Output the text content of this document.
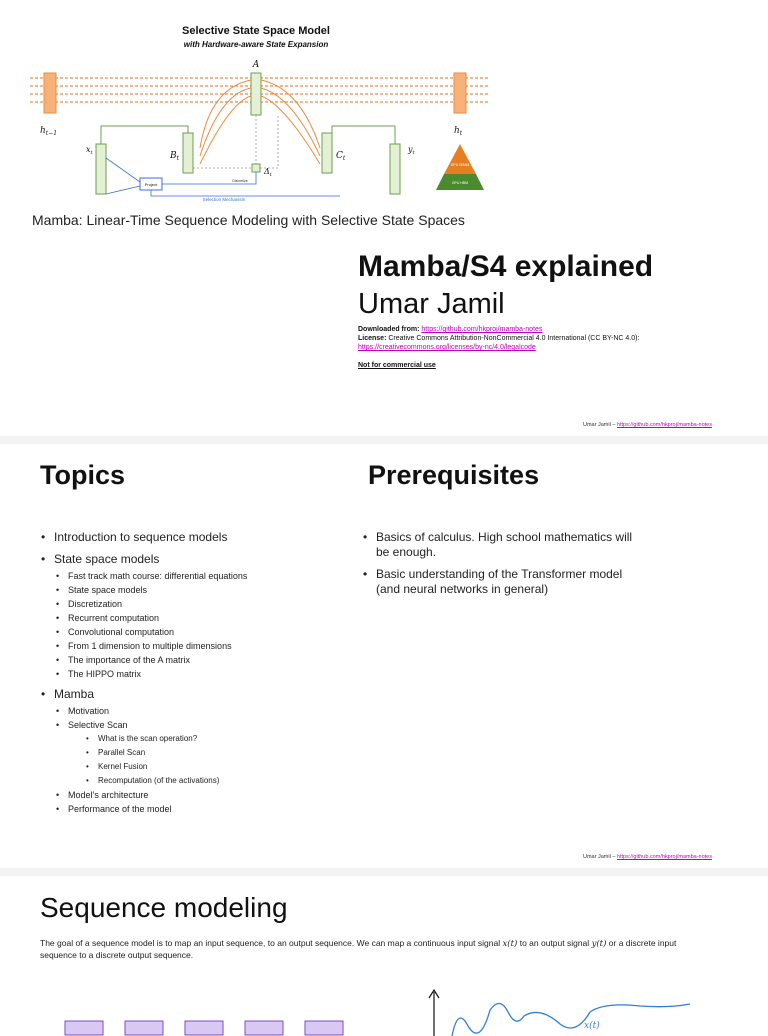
Selective State Space Model
with Hardware-aware State Expansion
A
Project
Selection Mechanism
Discretize
$h_{t-1}$	$h_t$
$x_t$	$B_t$	$C_t$
$y_t$
$\Delta_t$
GPU SRAM
GPU HBM
Mamba: Linear-Time Sequence Modeling with Selective State Spaces
Mamba/S4 explained
Umar Jamil
Downloaded from: https://github.com/hkproj/mamba-notes
License: Creative Commons Attribution-NonCommercial 4.0 International (CC BY-NC 4.0):
https://creativecommons.org/licenses/by-nc/4.0/legalcode
Not for commercial use
Umar Jamil – https://github.com/hkproj/mamba-notes
Topics	Prerequisites
• Introduction to sequence models
• State space models
• Fast track math course: differential equations
• State space models
• Discretization
• Recurrent computation
• Convolutional computation
• From 1 dimension to multiple dimensions
• The importance of the A matrix
• The HIPPO matrix
• Mamba
• Motivation
• Selective Scan
• What is the scan operation?
• Parallel Scan
• Kernel Fusion
• Recomputation (of the activations)
• Model’s architecture
• Performance of the model
• Basics of calculus. High school mathematics will be enough.
• Basic understanding of the Transformer model (and neural networks in general)
Umar Jamil – https://github.com/hkproj/mamba-notes
Sequence modeling
The goal of a sequence model is to map an input sequence, to an output sequence. We can map a continuous input signal x(t) to an output signal y(t) or a discrete input sequence to a discrete output sequence.
x(t)
